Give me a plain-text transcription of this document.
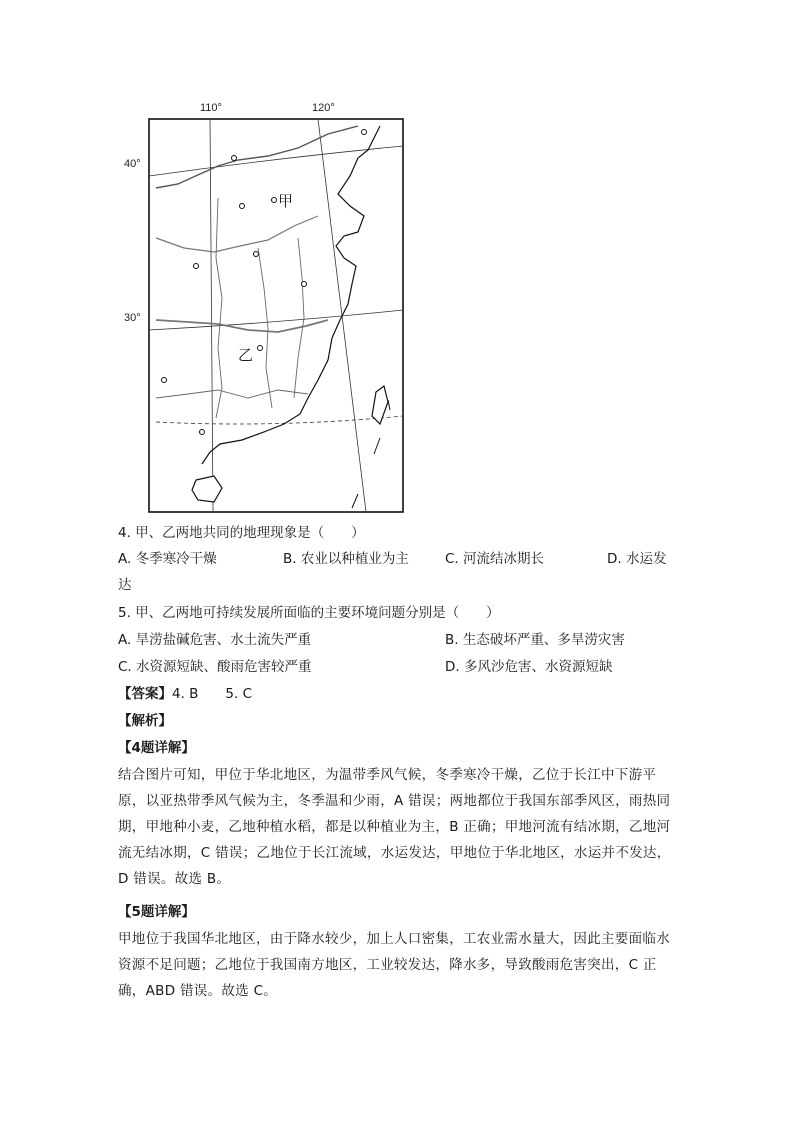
110°	120°
40°
30°
甲
乙
4. 甲、乙两地共同的地理现象是（　　）
A. 冬季寒冷干燥	B. 农业以种植业为主	C. 河流结冰期长	D. 水运发
达
5. 甲、乙两地可持续发展所面临的主要环境问题分别是（　　）
A. 旱涝盐碱危害、水土流失严重	B. 生态破坏严重、多旱涝灾害
C. 水资源短缺、酸雨危害较严重	D. 多风沙危害、水资源短缺
【答案】4. B　　5. C
【解析】
【4题详解】
结合图片可知，甲位于华北地区，为温带季风气候，冬季寒冷干燥，乙位于长江中下游平原，以亚热带季风气候为主，冬季温和少雨，A 错误；两地都位于我国东部季风区，雨热同期，甲地种小麦，乙地种植水稻，都是以种植业为主，B 正确；甲地河流有结冰期，乙地河流无结冰期，C 错误；乙地位于长江流域，水运发达，甲地位于华北地区，水运并不发达，D 错误。故选 B。
【5题详解】
甲地位于我国华北地区，由于降水较少，加上人口密集，工农业需水量大，因此主要面临水资源不足问题；乙地位于我国南方地区，工业较发达，降水多，导致酸雨危害突出，C 正确，ABD 错误。故选 C。
